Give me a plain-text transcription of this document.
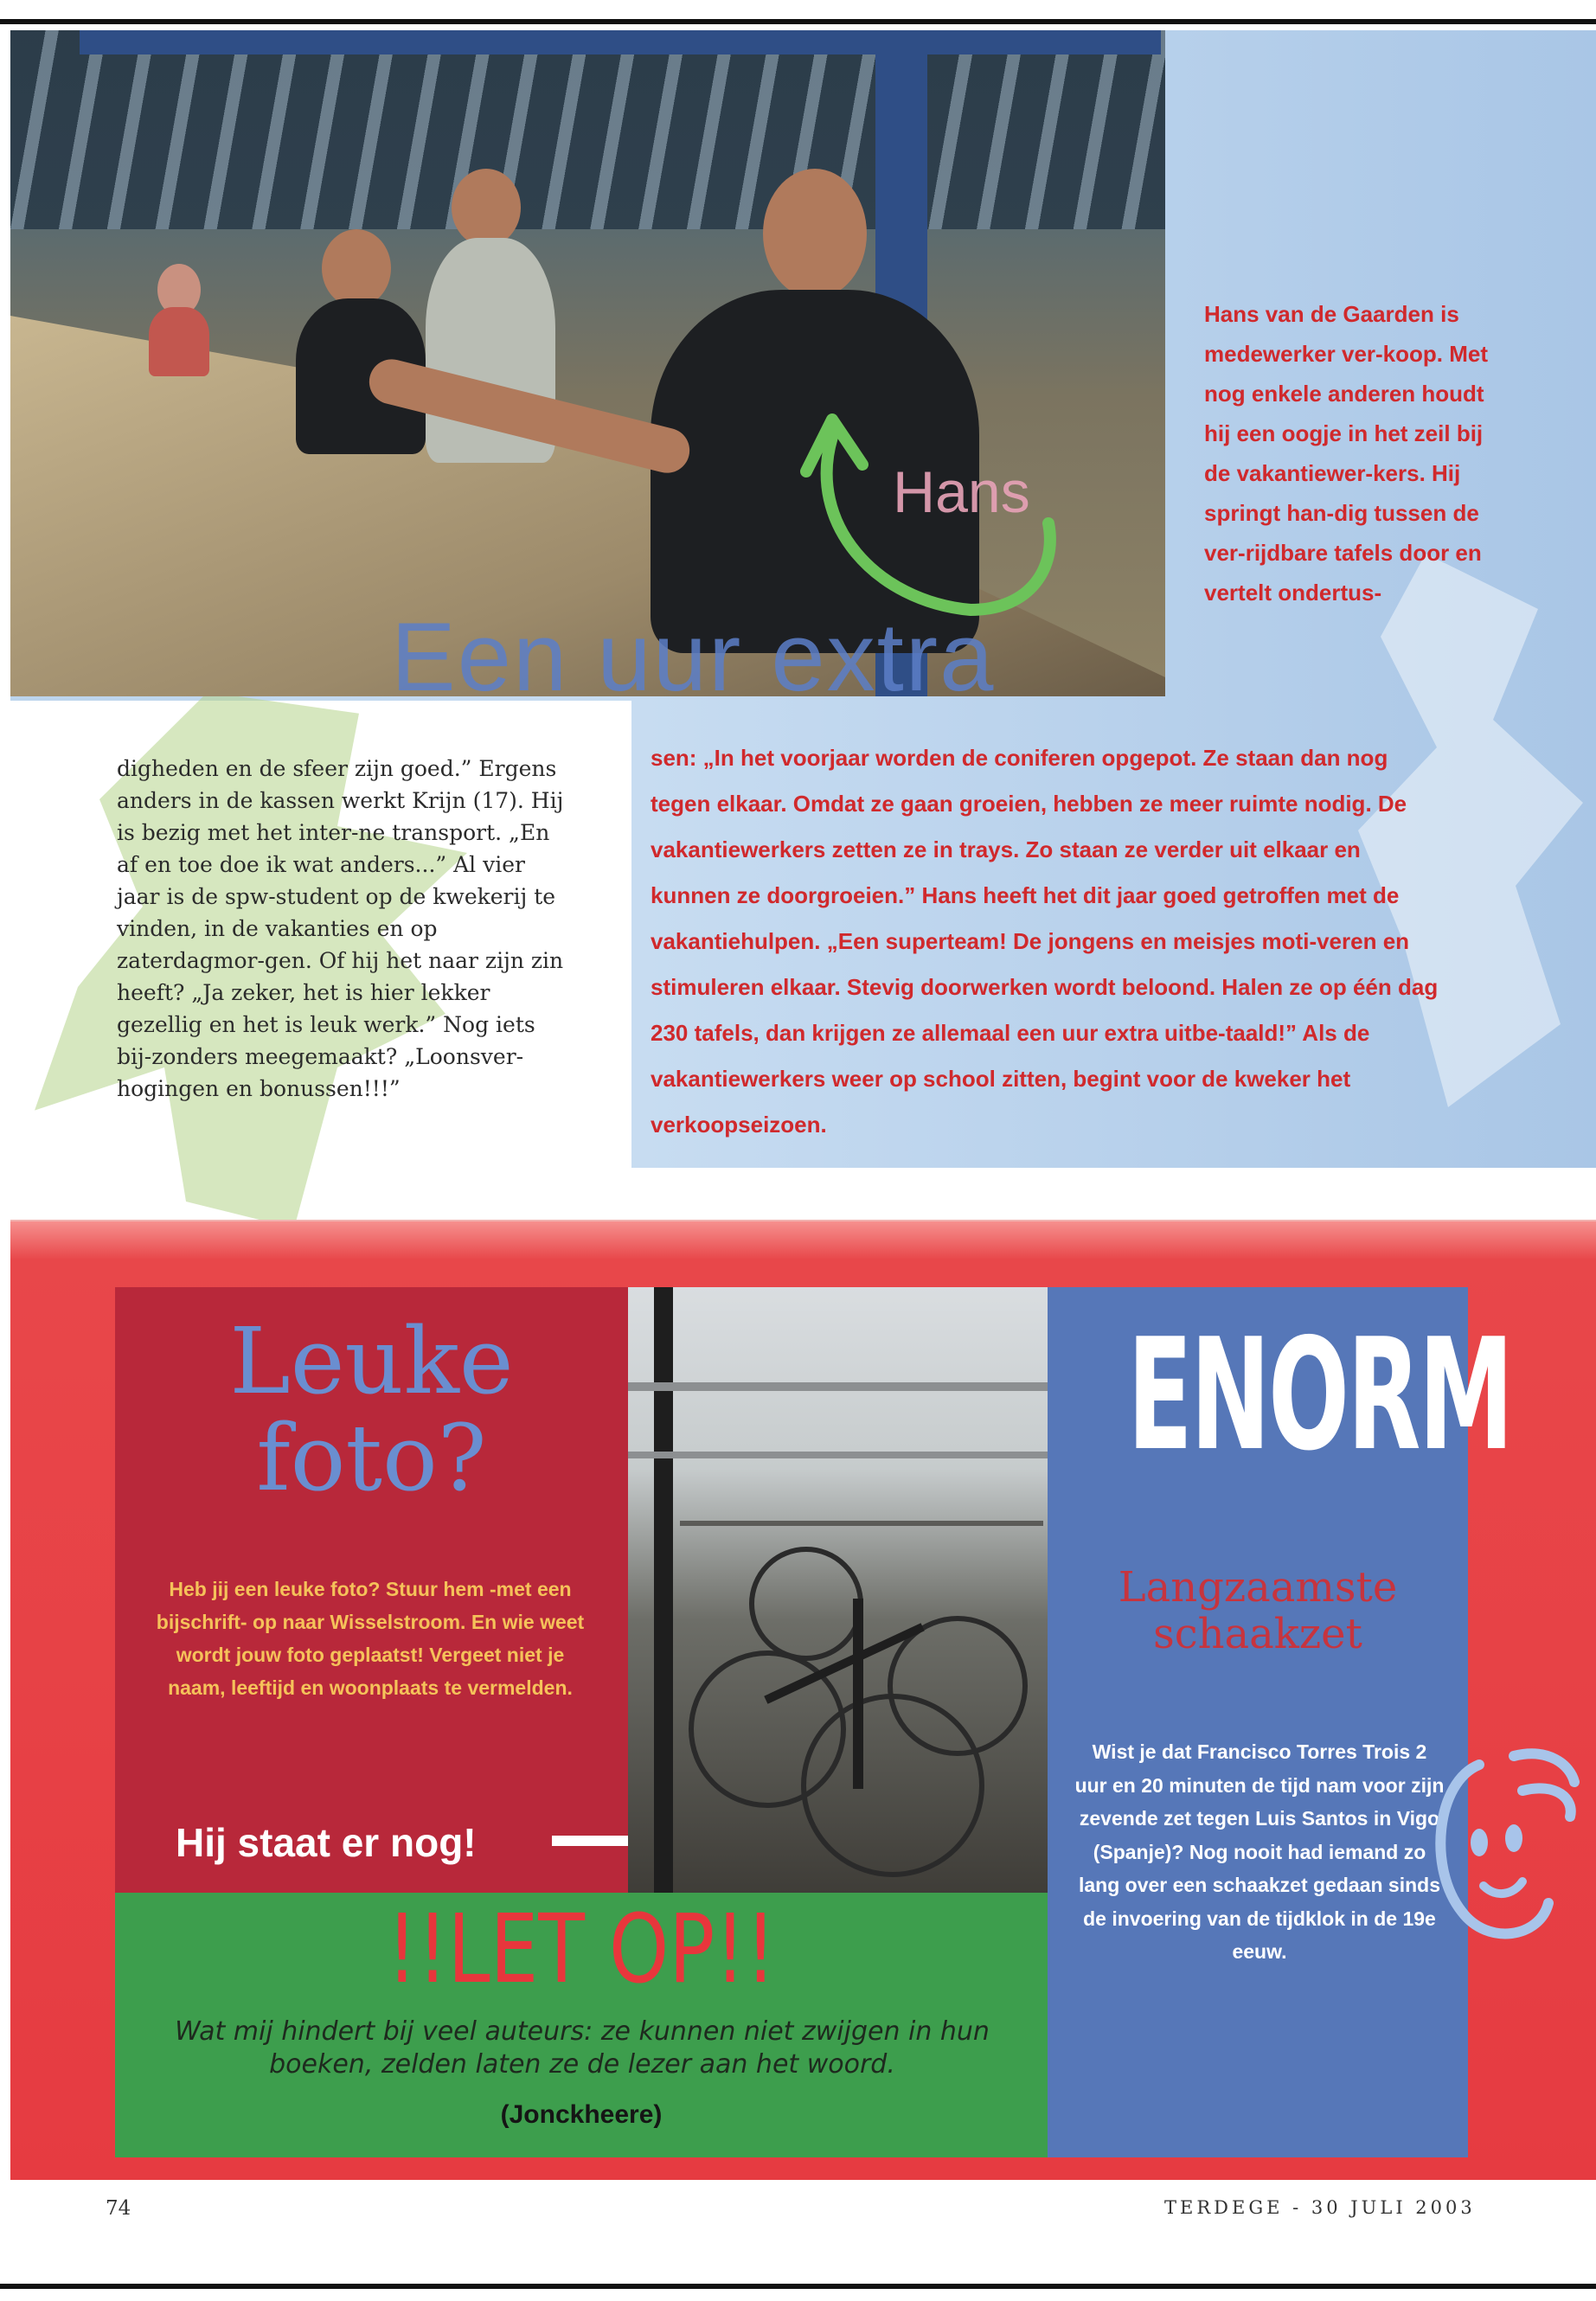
Hans
Een uur extra
Hans van de Gaarden is medewerker ver-koop. Met nog enkele anderen houdt hij een oogje in het zeil bij de vakantiewer-kers. Hij springt han-dig tussen de ver-rijdbare tafels door en vertelt ondertus-
sen: „In het voorjaar worden de coniferen opgepot. Ze staan dan nog tegen elkaar. Omdat ze gaan groeien, hebben ze meer ruimte nodig. De vakantiewerkers zetten ze in trays. Zo staan ze verder uit elkaar en kunnen ze doorgroeien.” Hans heeft het dit jaar goed getroffen met de vakantiehulpen. „Een superteam! De jongens en meisjes moti-veren en stimuleren elkaar. Stevig doorwerken wordt beloond. Halen ze op één dag 230 tafels, dan krijgen ze allemaal een uur extra uitbe-taald!” Als de vakantiewerkers weer op school zitten, begint voor de kweker het verkoopseizoen.
digheden en de sfeer zijn goed.” Ergens anders in de kassen werkt Krijn (17). Hij is bezig met het inter-ne transport. „En af en toe doe ik wat anders...” Al vier jaar is de spw-student op de kwekerij te vinden, in de vakanties en op zaterdagmor-gen. Of hij het naar zijn zin heeft? „Ja zeker, het is hier lekker gezellig en het is leuk werk.” Nog iets bij-zonders meegemaakt? „Loonsver-hogingen en bonussen!!!”
Leuke foto?
Heb jij een leuke foto? Stuur hem -met een bijschrift- op naar Wisselstroom. En wie weet wordt jouw foto geplaatst! Vergeet niet je naam, leeftijd en woonplaats te vermelden.
Hij staat er nog!
ENORM
Langzaamste schaakzet
Wist je dat Francisco Torres Trois 2 uur en 20 minuten de tijd nam voor zijn zevende zet tegen Luis Santos in Vigo (Spanje)? Nog nooit had iemand zo lang over een schaakzet gedaan sinds de invoering van de tijdklok in de 19e eeuw.
!!LET OP!!
Wat mij hindert bij veel auteurs: ze kunnen niet zwijgen in hun boeken, zelden laten ze de lezer aan het woord.
(Jonckheere)
74	TERDEGE - 30 JULI 2003
